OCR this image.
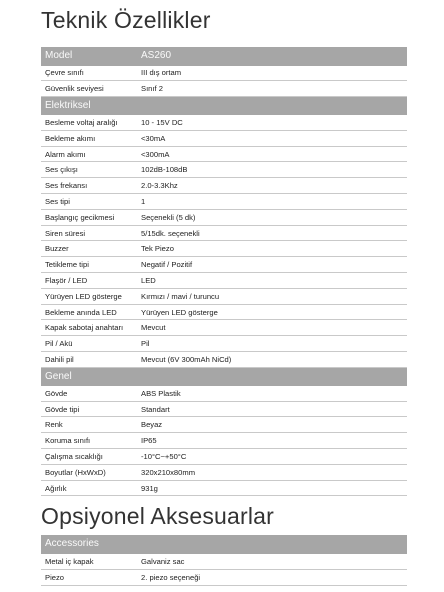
Teknik Özellikler
Model	AS260
Çevre sınıfı	III dış ortam
Güvenlik seviyesi	Sınıf 2
Elektriksel	
Besleme voltaj aralığı	10 - 15V DC
Bekleme akımı	<30mA
Alarm akımı	<300mA
Ses çıkışı	102dB-108dB
Ses frekansı	2.0-3.3Khz
Ses tipi	1
Başlangıç gecikmesi	Seçenekli (5 dk)
Siren süresi	5/15dk. seçenekli
Buzzer	Tek Piezo
Tetikleme tipi	Negatif / Pozitif
Flaşör / LED	LED
Yürüyen LED gösterge	Kırmızı / mavi / turuncu
Bekleme anında LED	Yürüyen LED gösterge
Kapak sabotaj anahtarı	Mevcut
Pil / Akü	Pil
Dahili pil	Mevcut (6V 300mAh NiCd)
Genel	
Gövde	ABS Plastik
Gövde tipi	Standart
Renk	Beyaz
Koruma sınıfı	IP65
Çalışma sıcaklığı	-10°C~+50°C
Boyutlar (HxWxD)	320x210x80mm
Ağırlık	931g
Opsiyonel Aksesuarlar
Accessories	
Metal iç kapak	Galvaniz sac
Piezo	2. piezo seçeneği
